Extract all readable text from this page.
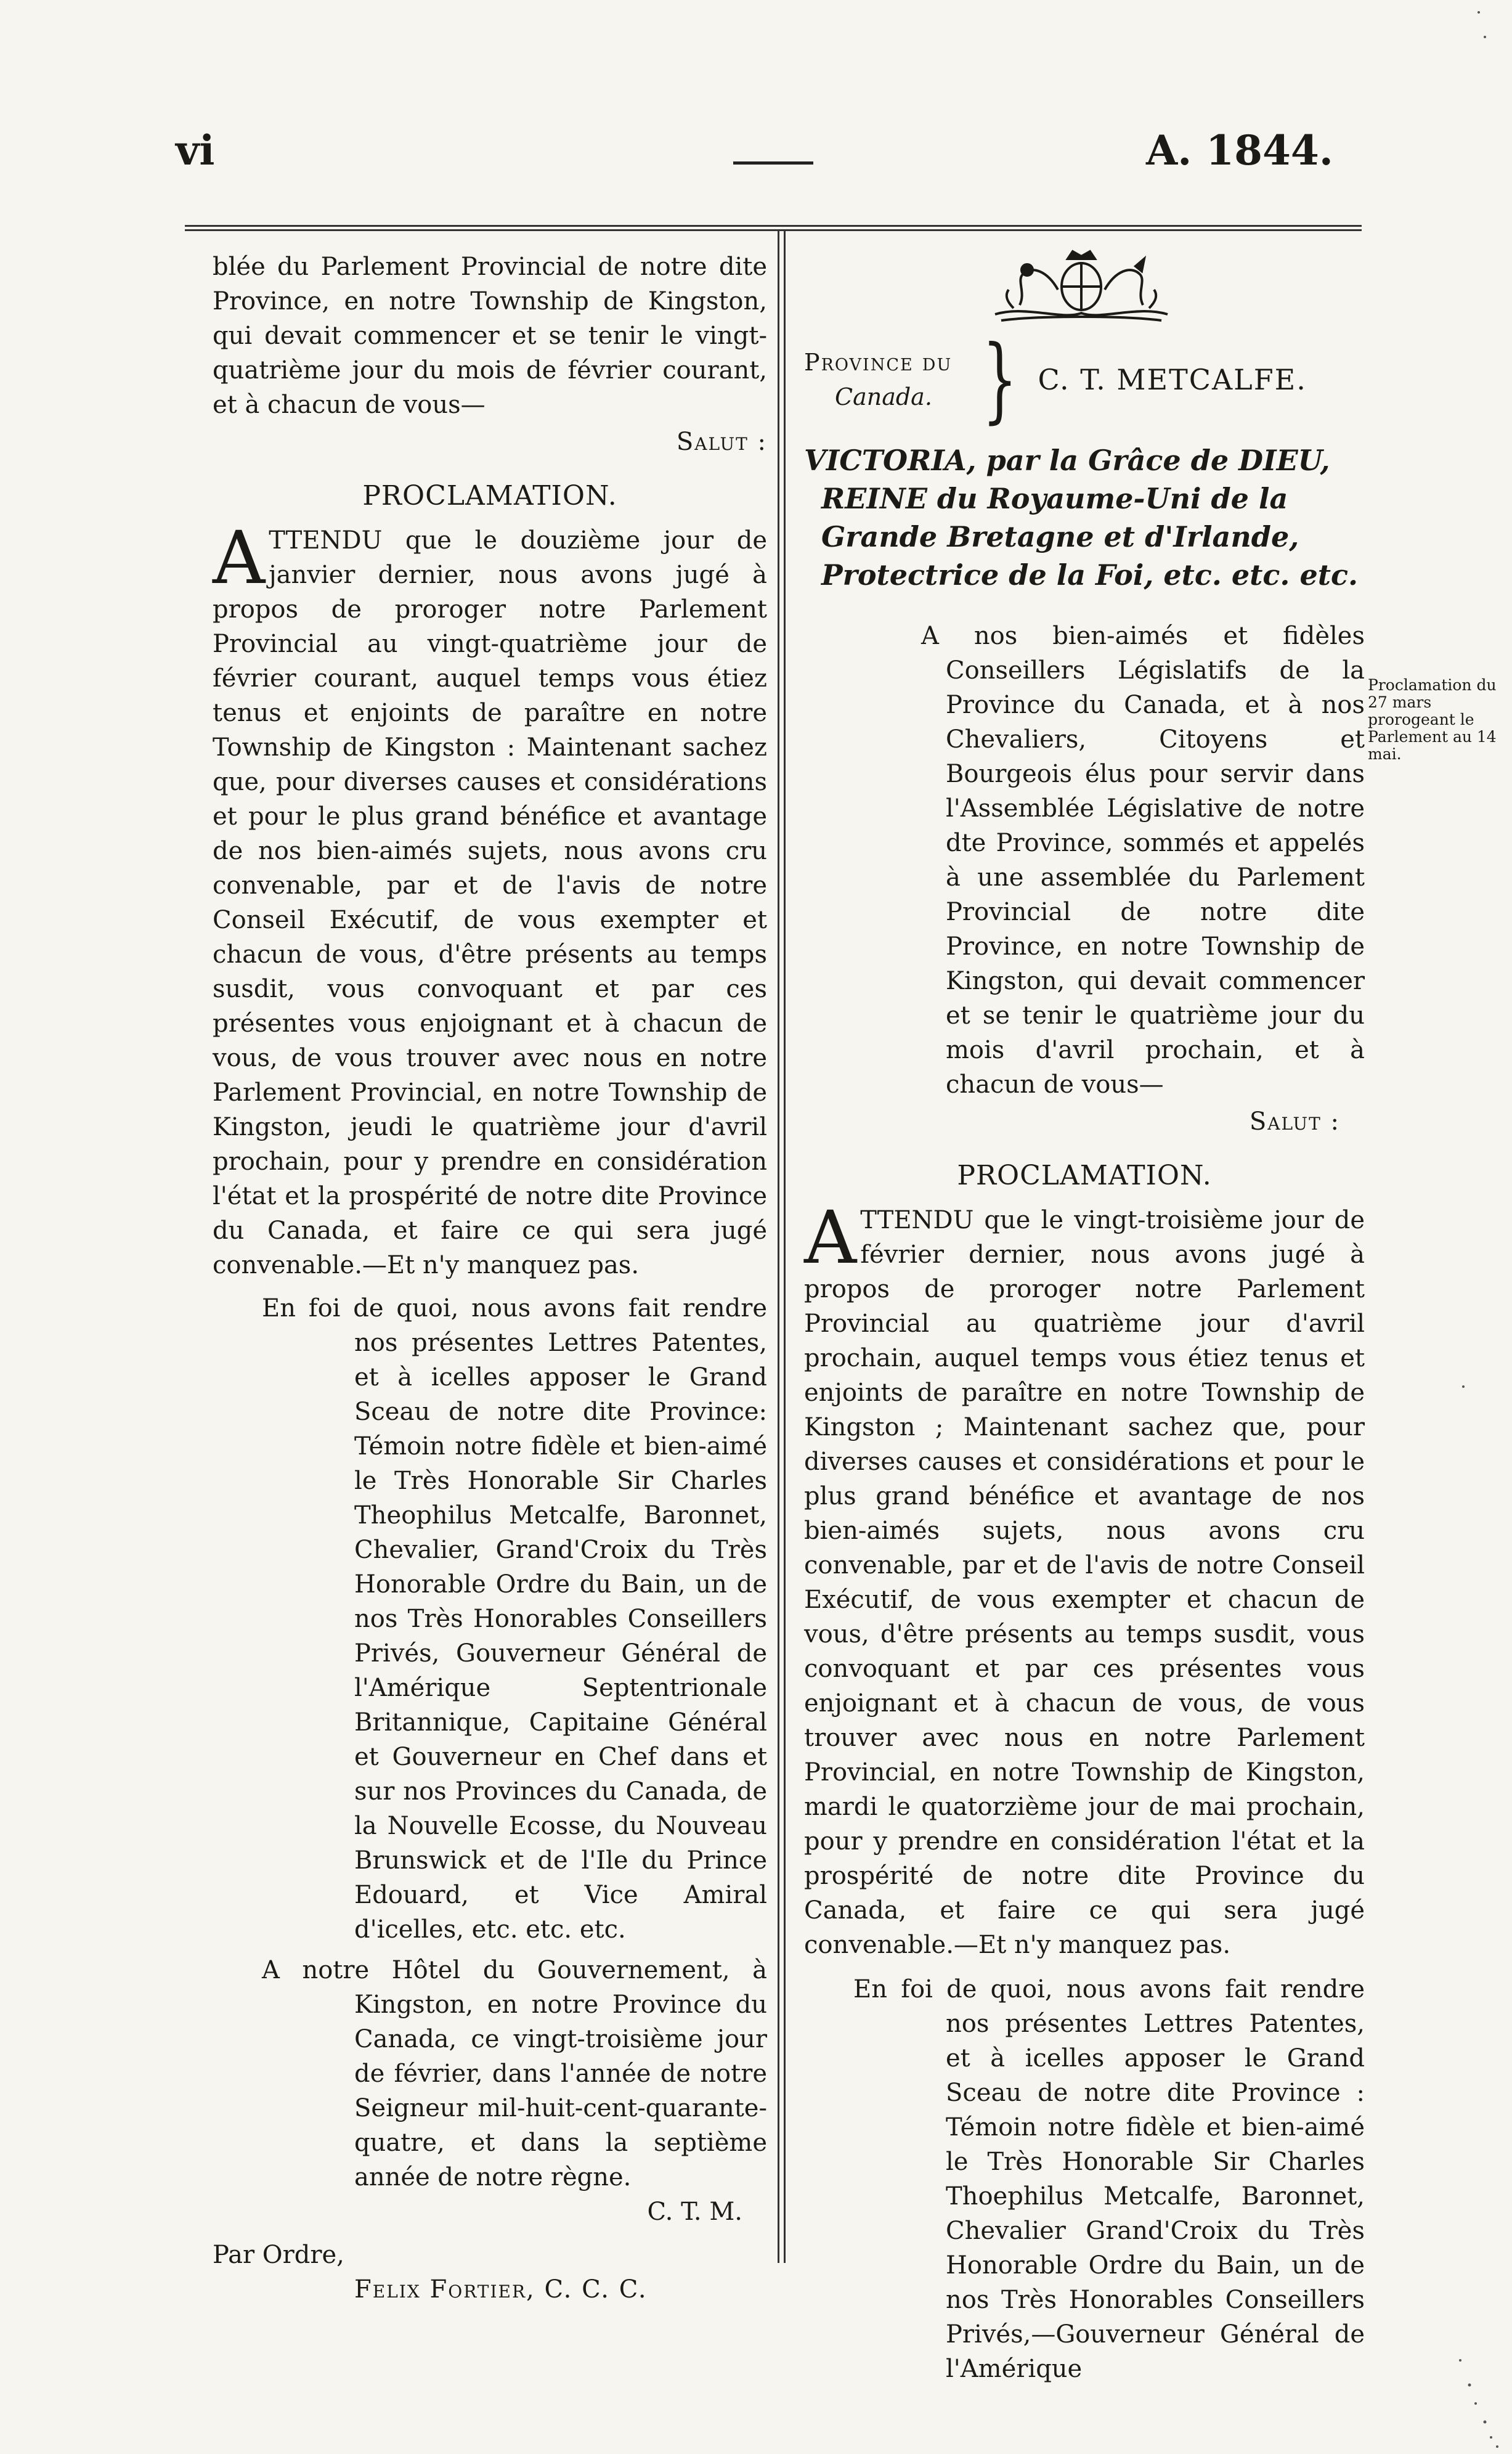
vi	A. 1844.

blée du Parlement Provincial de notre dite Province, en notre Township de Kingston, qui devait commencer et se tenir le vingt-quatrième jour du mois de février courant, et à chacun de vous—

Salut :

PROCLAMATION.

ATTENDU que le douzième jour de janvier dernier, nous avons jugé à propos de proroger notre Parlement Provincial au vingt-quatrième jour de février courant, auquel temps vous étiez tenus et enjoints de paraître en notre Township de Kingston : Maintenant sachez que, pour diverses causes et considérations et pour le plus grand bénéfice et avantage de nos bien-aimés sujets, nous avons cru convenable, par et de l'avis de notre Conseil Exécutif, de vous exempter et chacun de vous, d'être présents au temps susdit, vous convoquant et par ces présentes vous enjoignant et à chacun de vous, de vous trouver avec nous en notre Parlement Provincial, en notre Township de Kingston, jeudi le quatrième jour d'avril prochain, pour y prendre en considération l'état et la prospérité de notre dite Province du Canada, et faire ce qui sera jugé convenable.—Et n'y manquez pas.

En foi de quoi, nous avons fait rendre nos présentes Lettres Patentes, et à icelles apposer le Grand Sceau de notre dite Province: Témoin notre fidèle et bien-aimé le Très Honorable Sir Charles Theophilus Metcalfe, Baronnet, Chevalier, Grand'Croix du Très Honorable Ordre du Bain, un de nos Très Honorables Conseillers Privés, Gouverneur Général de l'Amérique Septentrionale Britannique, Capitaine Général et Gouverneur en Chef dans et sur nos Provinces du Canada, de la Nouvelle Ecosse, du Nouveau Brunswick et de l'Ile du Prince Edouard, et Vice Amiral d'icelles, etc. etc. etc.

A notre Hôtel du Gouvernement, à Kingston, en notre Province du Canada, ce vingt-troisième jour de février, dans l'année de notre Seigneur mil-huit-cent-quarante-quatre, et dans la septième année de notre règne.

C. T. M.

Par Ordre,

Felix Fortier, C. C. C.

Province du
Canada. } C. T. METCALFE.

VICTORIA, par la Grâce de DIEU, REINE du Royaume-Uni de la Grande Bretagne et d'Irlande, Protectrice de la Foi, etc. etc. etc.

A nos bien-aimés et fidèles Conseillers Législatifs de la Province du Canada, et à nos Chevaliers, Citoyens et Bourgeois élus pour servir dans l'Assemblée Législative de notre dte Province, sommés et appelés à une assemblée du Parlement Provincial de notre dite Province, en notre Township de Kingston, qui devait commencer et se tenir le quatrième jour du mois d'avril prochain, et à chacun de vous—

Salut :

PROCLAMATION.

ATTENDU que le vingt-troisième jour de février dernier, nous avons jugé à propos de proroger notre Parlement Provincial au quatrième jour d'avril prochain, auquel temps vous étiez tenus et enjoints de paraître en notre Township de Kingston ; Maintenant sachez que, pour diverses causes et considérations et pour le plus grand bénéfice et avantage de nos bien-aimés sujets, nous avons cru convenable, par et de l'avis de notre Conseil Exécutif, de vous exempter et chacun de vous, d'être présents au temps susdit, vous convoquant et par ces présentes vous enjoignant et à chacun de vous, de vous trouver avec nous en notre Parlement Provincial, en notre Township de Kingston, mardi le quatorzième jour de mai prochain, pour y prendre en considération l'état et la prospérité de notre dite Province du Canada, et faire ce qui sera jugé convenable.—Et n'y manquez pas.

En foi de quoi, nous avons fait rendre nos présentes Lettres Patentes, et à icelles apposer le Grand Sceau de notre dite Province : Témoin notre fidèle et bien-aimé le Très Honorable Sir Charles Thoephilus Metcalfe, Baronnet, Chevalier Grand'Croix du Très Honorable Ordre du Bain, un de nos Très Honorables Conseillers Privés,—Gouverneur Général de l'Amérique

Proclamation du 27 mars prorogeant le Parlement au 14 mai.
